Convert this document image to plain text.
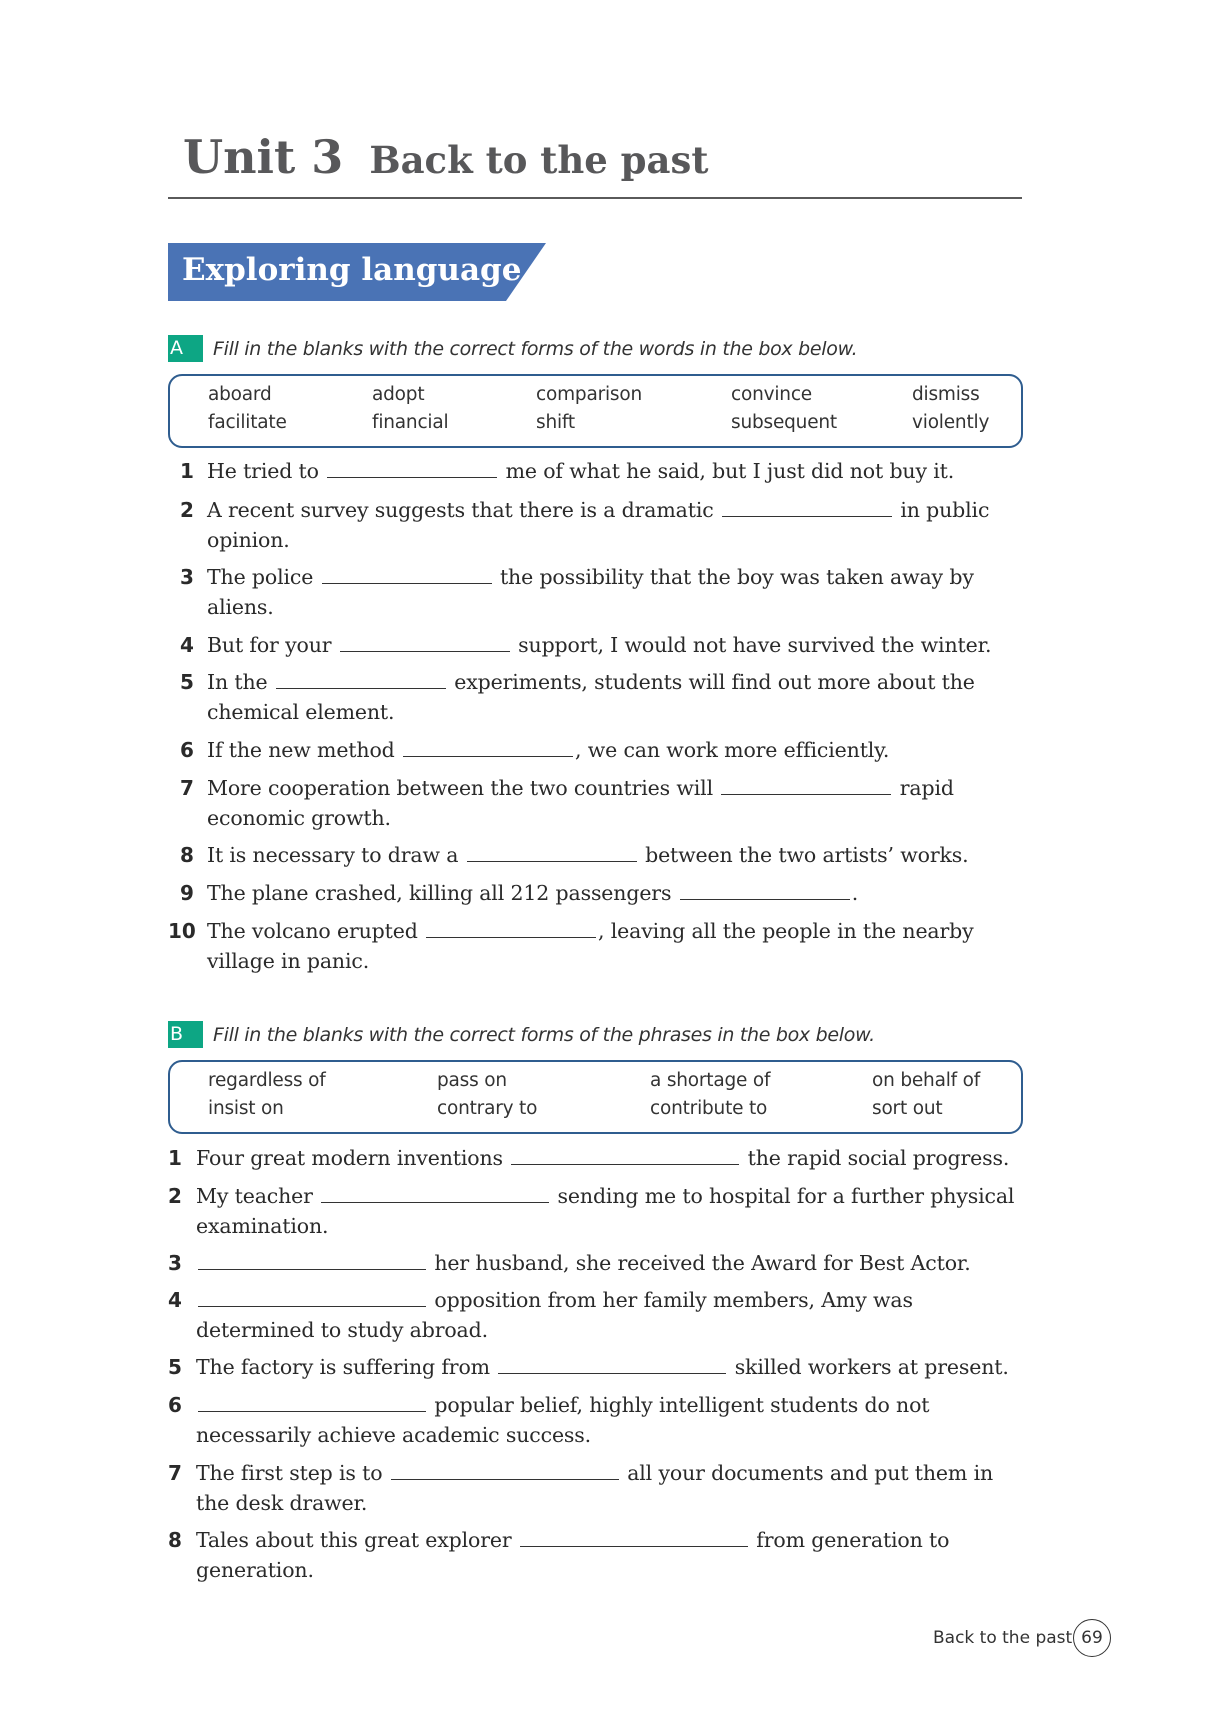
Unit 3 Back to the past
Exploring language
A	Fill in the blanks with the correct forms of the words in the box below.
aboard	adopt	comparison	convince	dismiss
facilitate	financial	shift	subsequent	violently
1 He tried to	me of what he said, but I just did not buy it.
2 A recent survey suggests that there is a dramatic	in public opinion.
3 The police	the possibility that the boy was taken away by aliens.
4 But for your	support, I would not have survived the winter.
5 In the	experiments, students will find out more about the chemical element.
6 If the new method	, we can work more efficiently.
7 More cooperation between the two countries will	rapid economic growth.
8 It is necessary to draw a	between the two artists’ works.
9 The plane crashed, killing all 212 passengers	.
10 The volcano erupted	, leaving all the people in the nearby village in panic.
B	Fill in the blanks with the correct forms of the phrases in the box below.
regardless of	pass on	a shortage of	on behalf of
insist on	contrary to	contribute to	sort out
1 Four great modern inventions	the rapid social progress.
2 My teacher	sending me to hospital for a further physical examination.
3	her husband, she received the Award for Best Actor.
4	opposition from her family members, Amy was determined to study abroad.
5 The factory is suffering from	skilled workers at present.
6	popular belief, highly intelligent students do not necessarily achieve academic success.
7 The first step is to	all your documents and put them in the desk drawer.
8 Tales about this great explorer	from generation to generation.
Back to the past 69
